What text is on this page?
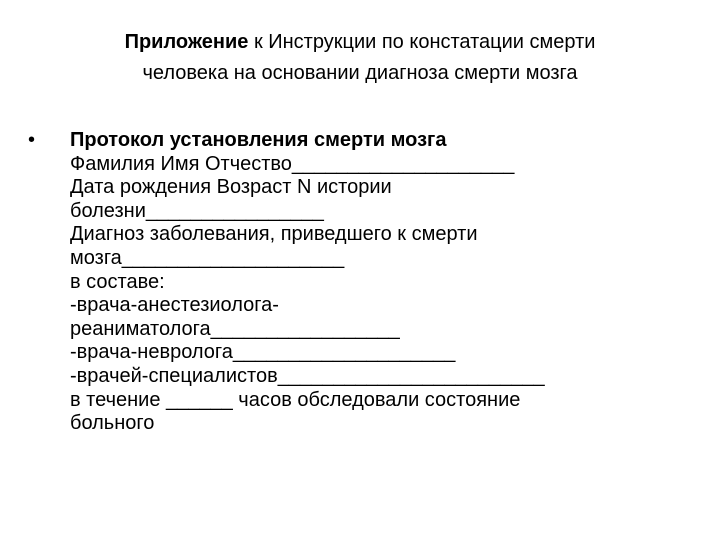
Приложение к Инструкции по констатации смерти
человека на основании диагноза смерти мозга
• Протокол установления смерти мозга
Фамилия Имя Отчество____________________
Дата рождения Возраст N истории
болезни________________
Диагноз заболевания, приведшего к смерти
мозга____________________
в составе:
-врача-анестезиолога-
реаниматолога_________________
-врача-невролога____________________
-врачей-специалистов________________________
в течение ______ часов обследовали состояние
больного
